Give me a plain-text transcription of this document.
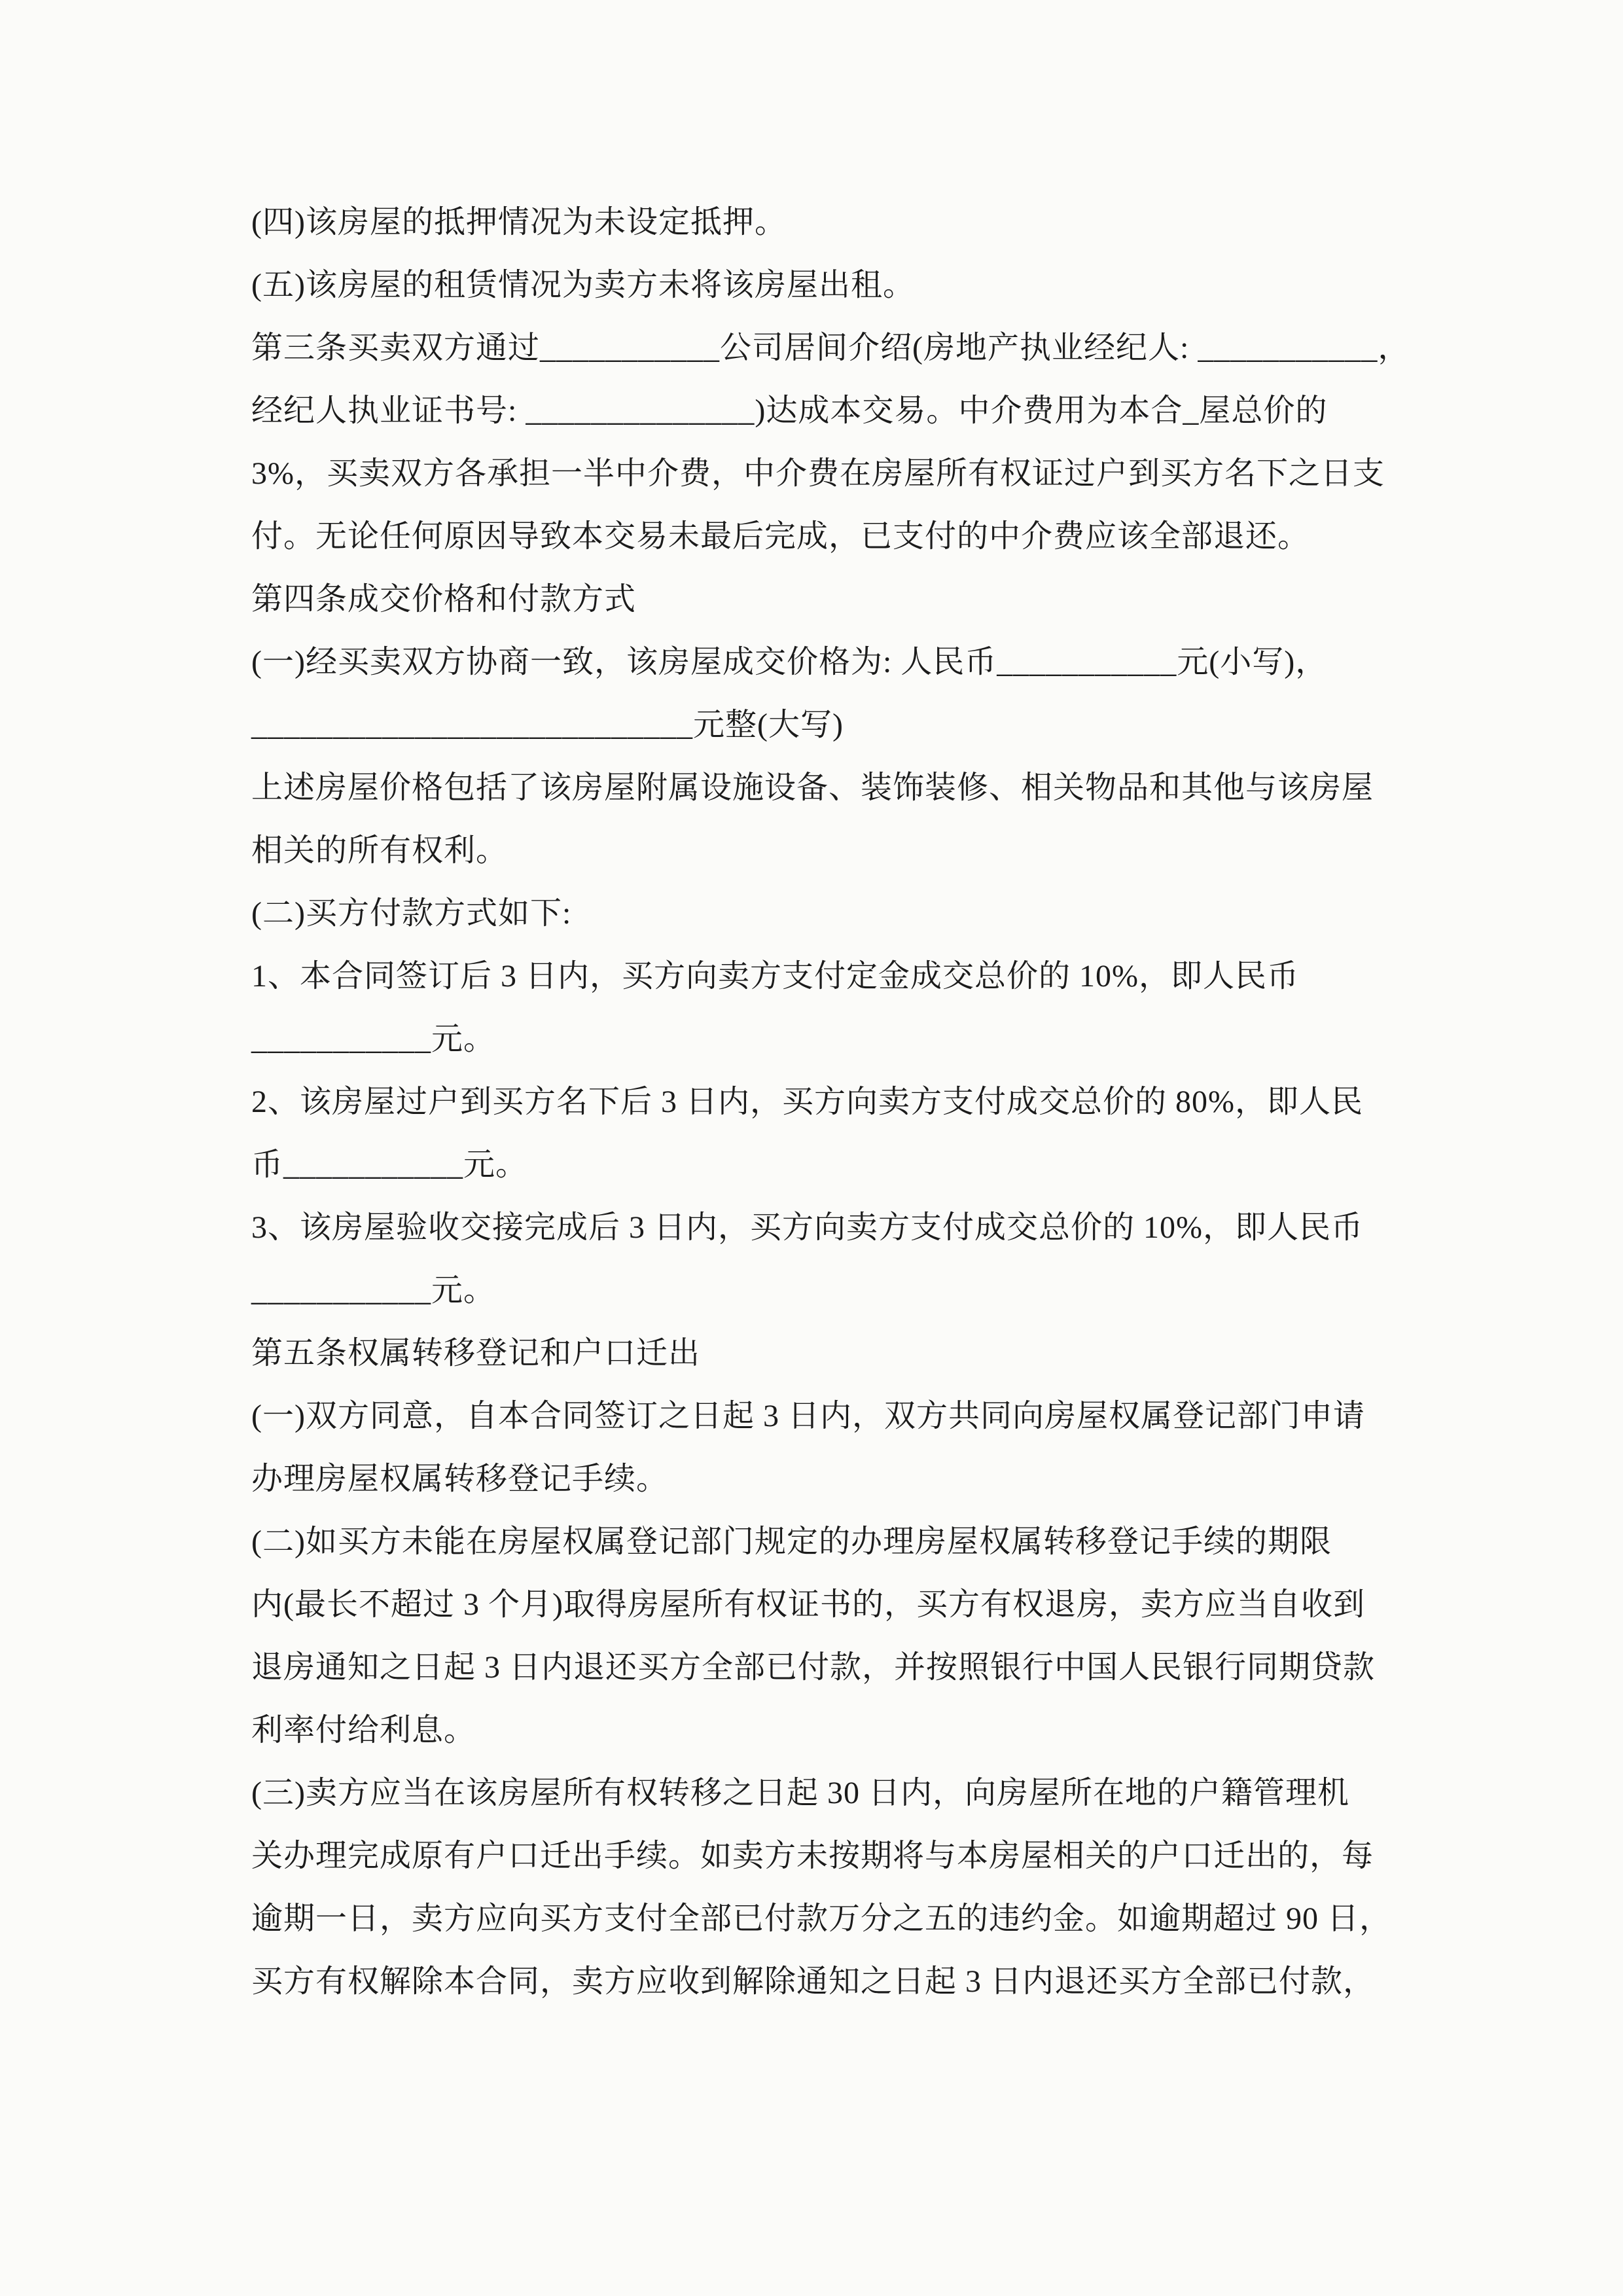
(四)该房屋的抵押情况为未设定抵押。
(五)该房屋的租赁情况为卖方未将该房屋出租。
第三条买卖双方通过___________公司居间介绍(房地产执业经纪人: ___________，
经纪人执业证书号: ______________)达成本交易。中介费用为本合_屋总价的
3%，买卖双方各承担一半中介费，中介费在房屋所有权证过户到买方名下之日支
付。无论任何原因导致本交易未最后完成，已支付的中介费应该全部退还。
第四条成交价格和付款方式
(一)经买卖双方协商一致，该房屋成交价格为: 人民币___________元(小写)，
___________________________元整(大写)
上述房屋价格包括了该房屋附属设施设备、装饰装修、相关物品和其他与该房屋
相关的所有权利。
(二)买方付款方式如下:
1、本合同签订后 3 日内，买方向卖方支付定金成交总价的 10%，即人民币
___________元。
2、该房屋过户到买方名下后 3 日内，买方向卖方支付成交总价的 80%，即人民
币___________元。
3、该房屋验收交接完成后 3 日内，买方向卖方支付成交总价的 10%，即人民币
___________元。
第五条权属转移登记和户口迁出
(一)双方同意，自本合同签订之日起 3 日内，双方共同向房屋权属登记部门申请
办理房屋权属转移登记手续。
(二)如买方未能在房屋权属登记部门规定的办理房屋权属转移登记手续的期限
内(最长不超过 3 个月)取得房屋所有权证书的，买方有权退房，卖方应当自收到
退房通知之日起 3 日内退还买方全部已付款，并按照银行中国人民银行同期贷款
利率付给利息。
(三)卖方应当在该房屋所有权转移之日起 30 日内，向房屋所在地的户籍管理机
关办理完成原有户口迁出手续。如卖方未按期将与本房屋相关的户口迁出的，每
逾期一日，卖方应向买方支付全部已付款万分之五的违约金。如逾期超过 90 日，
买方有权解除本合同，卖方应收到解除通知之日起 3 日内退还买方全部已付款，
